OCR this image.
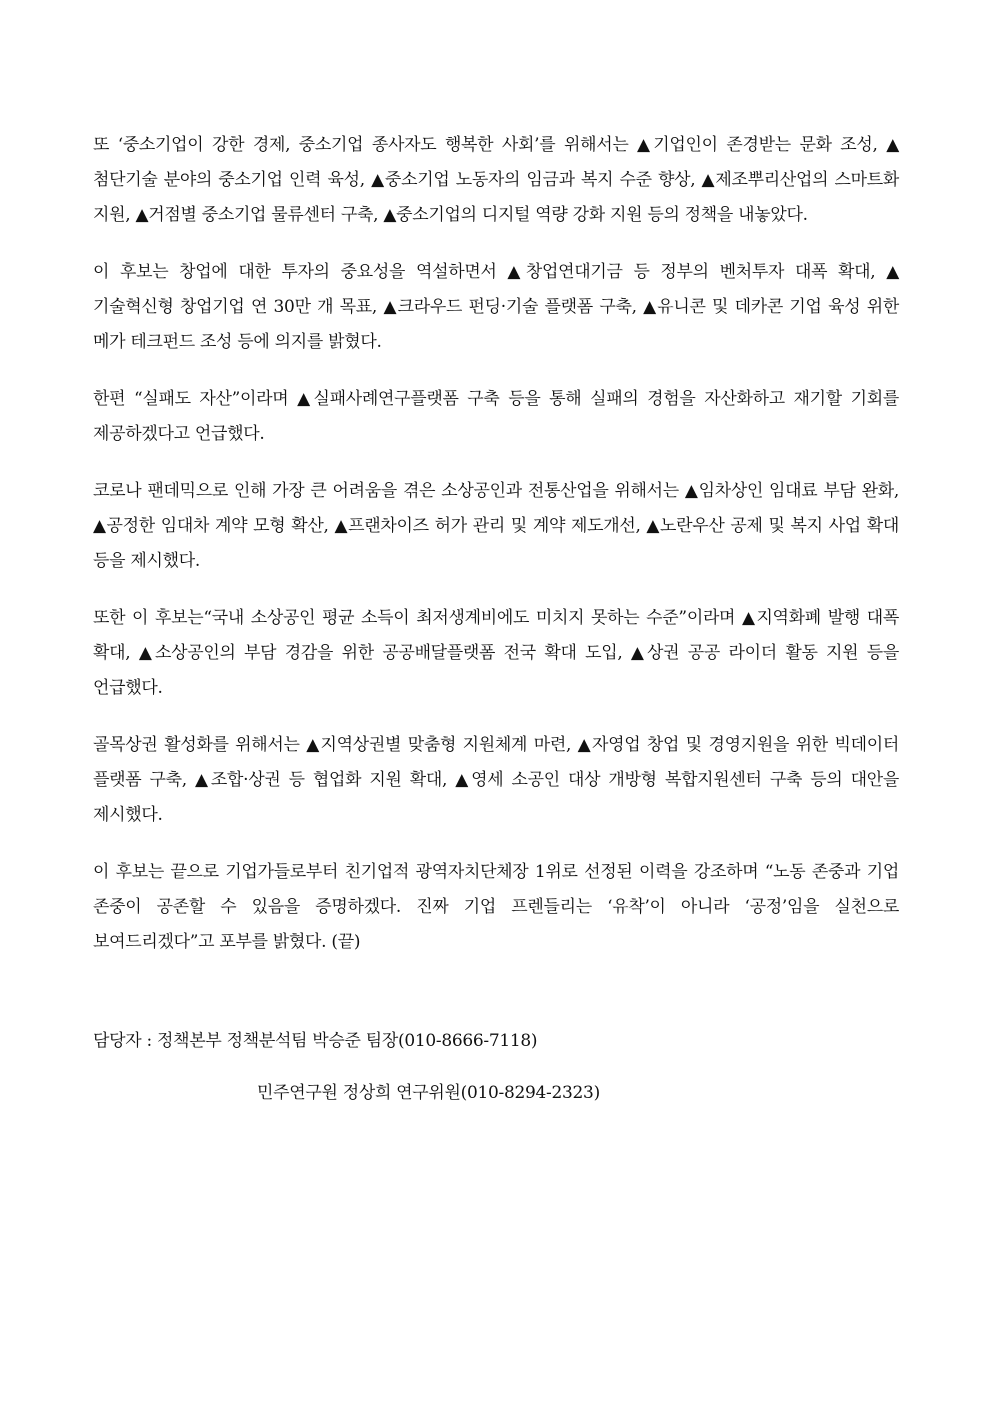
또 ‘중소기업이 강한 경제, 중소기업 종사자도 행복한 사회’를 위해서는 ▲기업인이 존경받는 문화 조성, ▲첨단기술 분야의 중소기업 인력 육성, ▲중소기업 노동자의 임금과 복지 수준 향상, ▲제조뿌리산업의 스마트화 지원, ▲거점별 중소기업 물류센터 구축, ▲중소기업의 디지털 역량 강화 지원 등의 정책을 내놓았다.

이 후보는 창업에 대한 투자의 중요성을 역설하면서 ▲창업연대기금 등 정부의 벤처투자 대폭 확대, ▲기술혁신형 창업기업 연 30만 개 목표, ▲크라우드 펀딩·기술 플랫폼 구축, ▲유니콘 및 데카콘 기업 육성 위한 메가 테크펀드 조성 등에 의지를 밝혔다.

한편 “실패도 자산”이라며 ▲실패사례연구플랫폼 구축 등을 통해 실패의 경험을 자산화하고 재기할 기회를 제공하겠다고 언급했다.

코로나 팬데믹으로 인해 가장 큰 어려움을 겪은 소상공인과 전통산업을 위해서는 ▲임차상인 임대료 부담 완화, ▲공정한 임대차 계약 모형 확산, ▲프랜차이즈 허가 관리 및 계약 제도개선, ▲노란우산 공제 및 복지 사업 확대 등을 제시했다.

또한 이 후보는“국내 소상공인 평균 소득이 최저생계비에도 미치지 못하는 수준”이라며 ▲지역화폐 발행 대폭 확대, ▲소상공인의 부담 경감을 위한 공공배달플랫폼 전국 확대 도입, ▲상권 공공 라이더 활동 지원 등을 언급했다.

골목상권 활성화를 위해서는 ▲지역상권별 맞춤형 지원체계 마련, ▲자영업 창업 및 경영지원을 위한 빅데이터 플랫폼 구축, ▲조합·상권 등 협업화 지원 확대, ▲영세 소공인 대상 개방형 복합지원센터 구축 등의 대안을 제시했다.

이 후보는 끝으로 기업가들로부터 친기업적 광역자치단체장 1위로 선정된 이력을 강조하며 “노동 존중과 기업 존중이 공존할 수 있음을 증명하겠다. 진짜 기업 프렌들리는 ‘유착’이 아니라 ‘공정’임을 실천으로 보여드리겠다”고 포부를 밝혔다. (끝)

담당자 : 정책본부 정책분석팀 박승준 팀장(010-8666-7118)

민주연구원 정상희 연구위원(010-8294-2323)
